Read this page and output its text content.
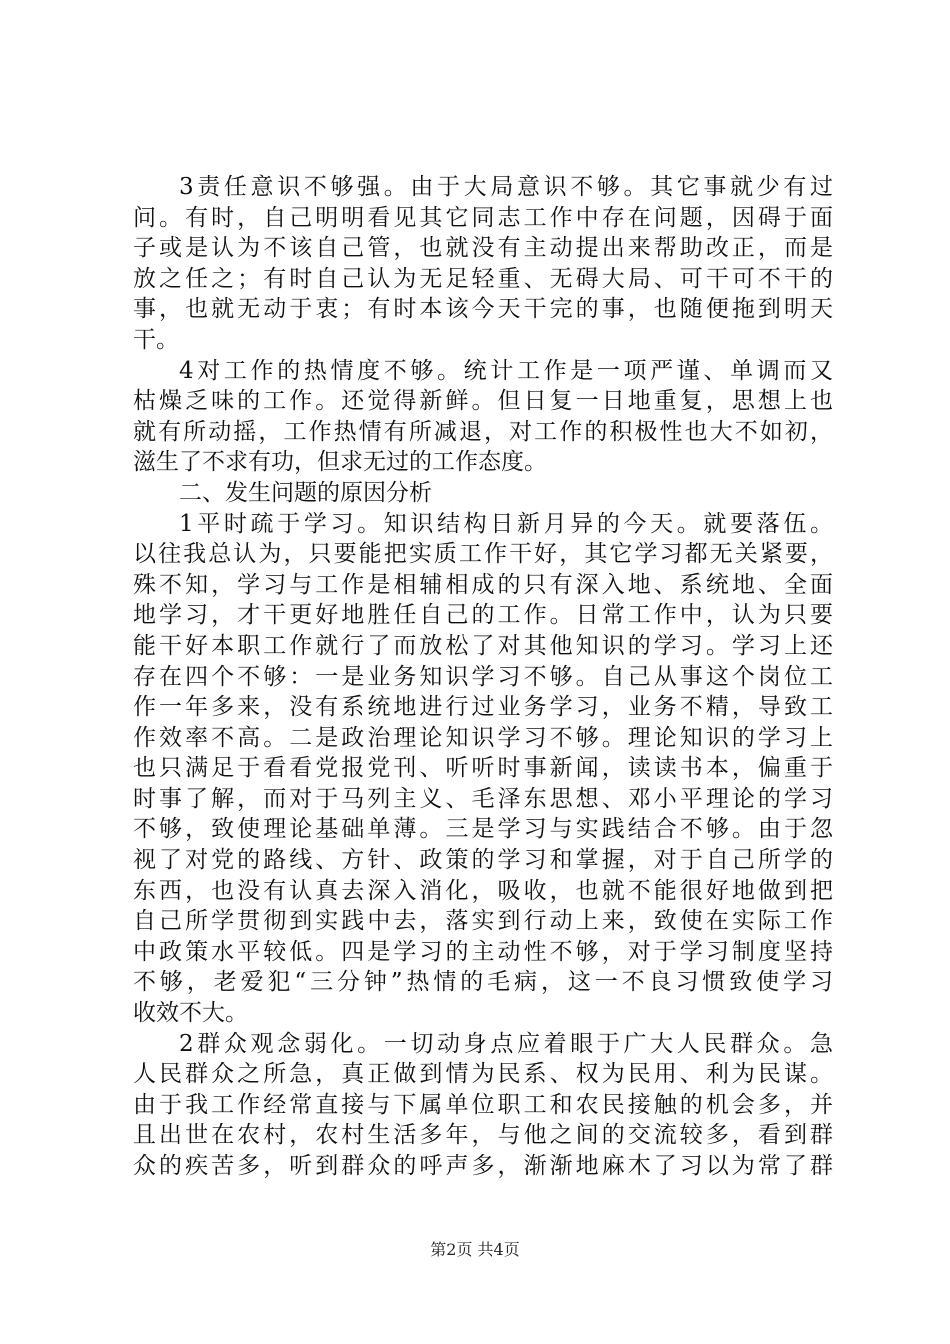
3责任意识不够强。由于大局意识不够。其它事就少有过
问。有时，自己明明看见其它同志工作中存在问题，因碍于面
子或是认为不该自己管，也就没有主动提出来帮助改正，而是
放之任之；有时自己认为无足轻重、无碍大局、可干可不干的
事，也就无动于衷；有时本该今天干完的事，也随便拖到明天
干。
4对工作的热情度不够。统计工作是一项严谨、单调而又
枯燥乏味的工作。还觉得新鲜。但日复一日地重复，思想上也
就有所动摇，工作热情有所减退，对工作的积极性也大不如初，
滋生了不求有功，但求无过的工作态度。
二、发生问题的原因分析
1平时疏于学习。知识结构日新月异的今天。就要落伍。
以往我总认为，只要能把实质工作干好，其它学习都无关紧要，
殊不知，学习与工作是相辅相成的只有深入地、系统地、全面
地学习，才干更好地胜任自己的工作。日常工作中，认为只要
能干好本职工作就行了而放松了对其他知识的学习。学习上还
存在四个不够：一是业务知识学习不够。自己从事这个岗位工
作一年多来，没有系统地进行过业务学习，业务不精，导致工
作效率不高。二是政治理论知识学习不够。理论知识的学习上
也只满足于看看党报党刊、听听时事新闻，读读书本，偏重于
时事了解，而对于马列主义、毛泽东思想、邓小平理论的学习
不够，致使理论基础单薄。三是学习与实践结合不够。由于忽
视了对党的路线、方针、政策的学习和掌握，对于自己所学的
东西，也没有认真去深入消化，吸收，也就不能很好地做到把
自己所学贯彻到实践中去，落实到行动上来，致使在实际工作
中政策水平较低。四是学习的主动性不够，对于学习制度坚持
不够，老爱犯“三分钟”热情的毛病，这一不良习惯致使学习
收效不大。
2群众观念弱化。一切动身点应着眼于广大人民群众。急
人民群众之所急，真正做到情为民系、权为民用、利为民谋。
由于我工作经常直接与下属单位职工和农民接触的机会多，并
且出世在农村，农村生活多年，与他之间的交流较多，看到群
众的疾苦多，听到群众的呼声多，渐渐地麻木了习以为常了群
第2页 共4页
